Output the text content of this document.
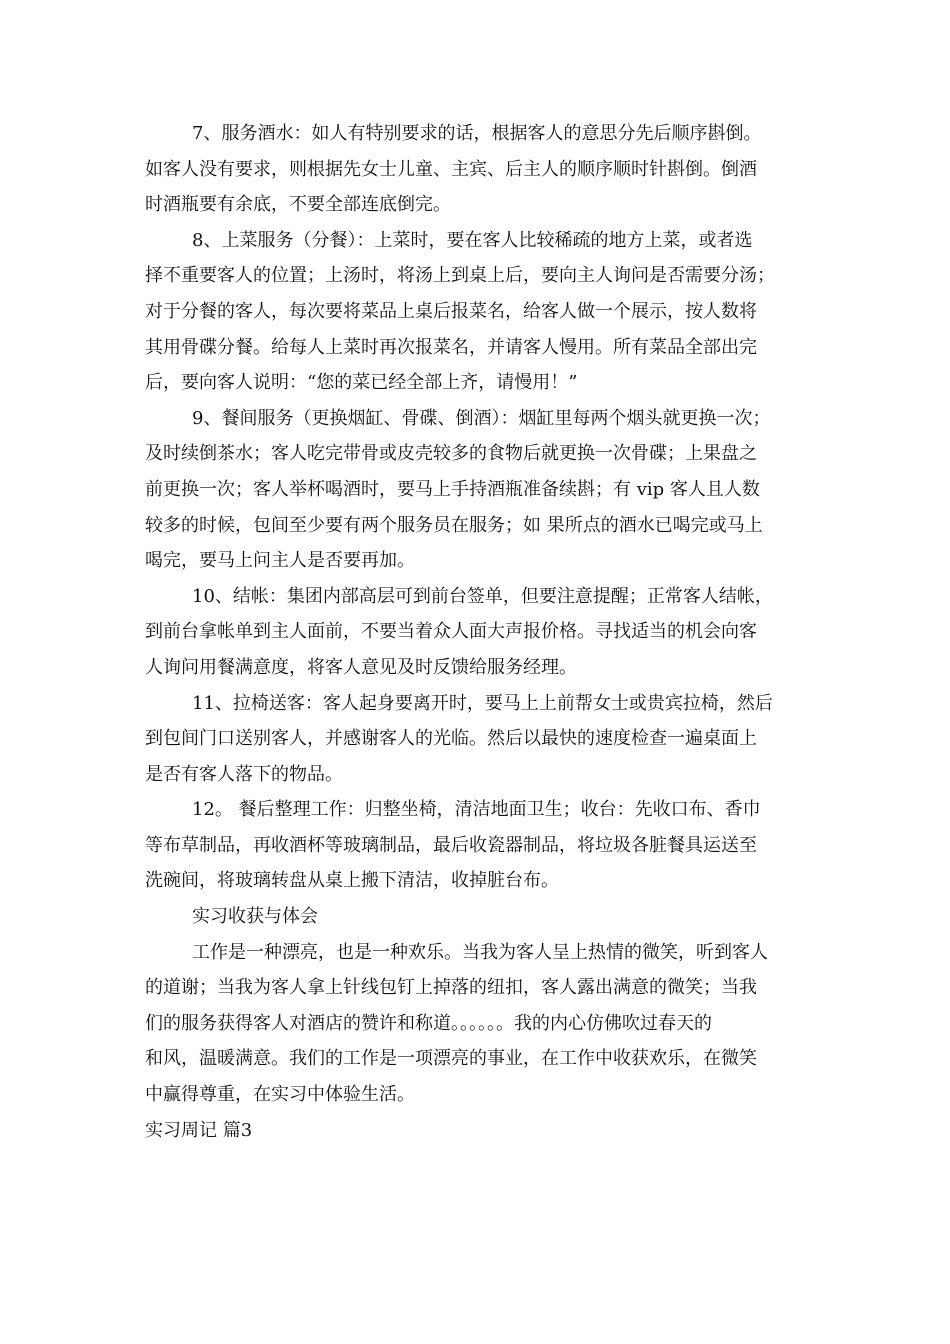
7、服务酒水：如人有特别要求的话，根据客人的意思分先后顺序斟倒。
如客人没有要求，则根据先女士儿童、主宾、后主人的顺序顺时针斟倒。倒酒
时酒瓶要有余底，不要全部连底倒完。
8、上菜服务（分餐）：上菜时，要在客人比较稀疏的地方上菜，或者选
择不重要客人的位置；上汤时，将汤上到桌上后，要向主人询问是否需要分汤；
对于分餐的客人，每次要将菜品上桌后报菜名，给客人做一个展示，按人数将
其用骨碟分餐。给每人上菜时再次报菜名，并请客人慢用。所有菜品全部出完
后，要向客人说明：“您的菜已经全部上齐，请慢用！”
9、餐间服务（更换烟缸、骨碟、倒酒）：烟缸里每两个烟头就更换一次；
及时续倒茶水；客人吃完带骨或皮壳较多的食物后就更换一次骨碟；上果盘之
前更换一次；客人举杯喝酒时，要马上手持酒瓶准备续斟；有 vip 客人且人数
较多的时候，包间至少要有两个服务员在服务；如 果所点的酒水已喝完或马上
喝完，要马上问主人是否要再加。
10、结帐：集团内部高层可到前台签单，但要注意提醒；正常客人结帐，
到前台拿帐单到主人面前，不要当着众人面大声报价格。寻找适当的机会向客
人询问用餐满意度，将客人意见及时反馈给服务经理。
11、拉椅送客：客人起身要离开时，要马上上前帮女士或贵宾拉椅，然后
到包间门口送别客人，并感谢客人的光临。然后以最快的速度检查一遍桌面上
是否有客人落下的物品。
12。 餐后整理工作：归整坐椅，清洁地面卫生；收台：先收口布、香巾
等布草制品，再收酒杯等玻璃制品，最后收瓷器制品，将垃圾各脏餐具运送至
洗碗间，将玻璃转盘从桌上搬下清洁，收掉脏台布。
实习收获与体会
工作是一种漂亮，也是一种欢乐。当我为客人呈上热情的微笑，听到客人
的道谢；当我为客人拿上针线包钉上掉落的纽扣，客人露出满意的微笑；当我
们的服务获得客人对酒店的赞许和称道。。。。。。我的内心仿佛吹过春天的
和风，温暖满意。我们的工作是一项漂亮的事业，在工作中收获欢乐，在微笑
中赢得尊重，在实习中体验生活。
实习周记 篇3
